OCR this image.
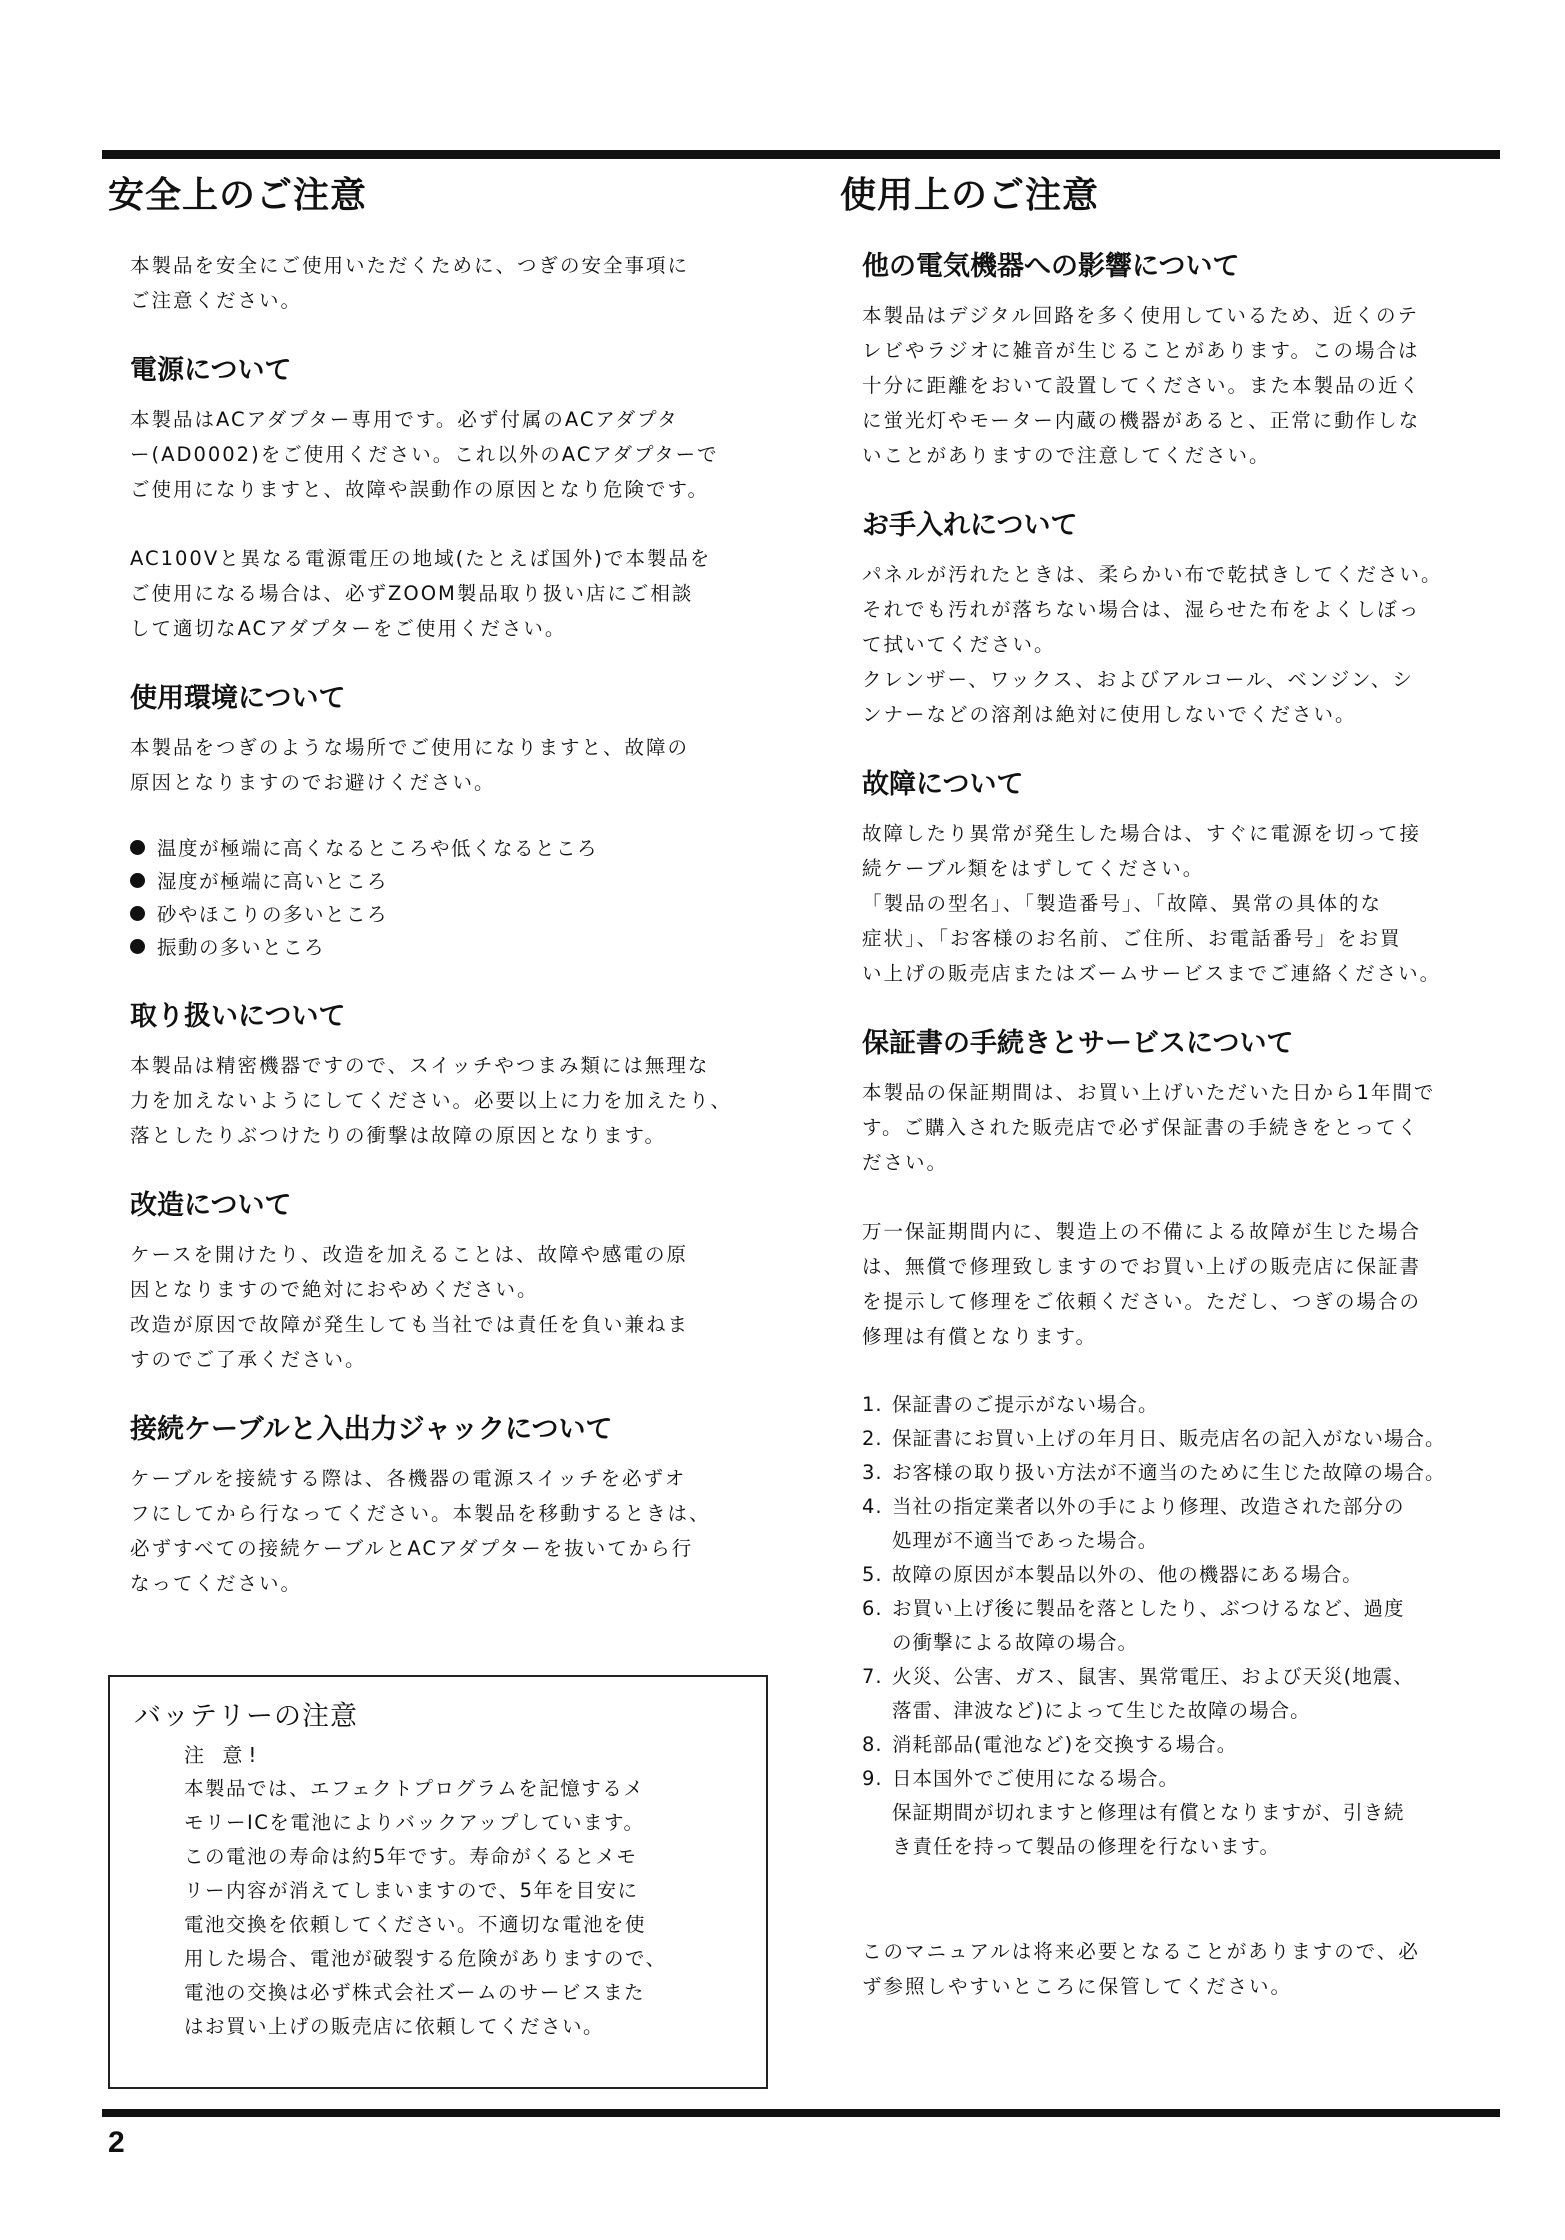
安全上のご注意

本製品を安全にご使用いただくために、つぎの安全事項に
ご注意ください。

電源について

本製品はACアダプター専用です。必ず付属のACアダプタ
ー(AD0002)をご使用ください。これ以外のACアダプターで
ご使用になりますと、故障や誤動作の原因となり危険です。

AC100Vと異なる電源電圧の地域(たとえば国外)で本製品を
ご使用になる場合は、必ずZOOM製品取り扱い店にご相談
して適切なACアダプターをご使用ください。

使用環境について

本製品をつぎのような場所でご使用になりますと、故障の
原因となりますのでお避けください。

温度が極端に高くなるところや低くなるところ
湿度が極端に高いところ
砂やほこりの多いところ
振動の多いところ
取り扱いについて

本製品は精密機器ですので、スイッチやつまみ類には無理な
力を加えないようにしてください。必要以上に力を加えたり、
落としたりぶつけたりの衝撃は故障の原因となります。

改造について

ケースを開けたり、改造を加えることは、故障や感電の原
因となりますので絶対におやめください。
改造が原因で故障が発生しても当社では責任を負い兼ねま
すのでご了承ください。

接続ケーブルと入出力ジャックについて

ケーブルを接続する際は、各機器の電源スイッチを必ずオ
フにしてから行なってください。本製品を移動するときは、
必ずすべての接続ケーブルとACアダプターを抜いてから行
なってください。

バッテリーの注意

注 意!

本製品では、エフェクトプログラムを記憶するメ
モリーICを電池によりバックアップしています。
この電池の寿命は約5年です。寿命がくるとメモ
リー内容が消えてしまいますので、5年を目安に
電池交換を依頼してください。不適切な電池を使
用した場合、電池が破裂する危険がありますので、
電池の交換は必ず株式会社ズームのサービスまた
はお買い上げの販売店に依頼してください。

使用上のご注意
他の電気機器への影響について

本製品はデジタル回路を多く使用しているため、近くのテ
レビやラジオに雑音が生じることがあります。この場合は
十分に距離をおいて設置してください。また本製品の近く
に蛍光灯やモーター内蔵の機器があると、正常に動作しな
いことがありますので注意してください。

お手入れについて

パネルが汚れたときは、柔らかい布で乾拭きしてください。
それでも汚れが落ちない場合は、湿らせた布をよくしぼっ
て拭いてください。
クレンザー、ワックス、およびアルコール、ベンジン、シ
ンナーなどの溶剤は絶対に使用しないでください。

故障について

故障したり異常が発生した場合は、すぐに電源を切って接
続ケーブル類をはずしてください。
「製品の型名」、「製造番号」、「故障、異常の具体的な
症状」、「お客様のお名前、ご住所、お電話番号」をお買
い上げの販売店またはズームサービスまでご連絡ください。

保証書の手続きとサービスについて

本製品の保証期間は、お買い上げいただいた日から1年間で
す。ご購入された販売店で必ず保証書の手続きをとってく
ださい。

万一保証期間内に、製造上の不備による故障が生じた場合
は、無償で修理致しますのでお買い上げの販売店に保証書
を提示して修理をご依頼ください。ただし、つぎの場合の
修理は有償となります。

1. 保証書のご提示がない場合。
2. 保証書にお買い上げの年月日、販売店名の記入がない場合。
3. お客様の取り扱い方法が不適当のために生じた故障の場合。
4. 当社の指定業者以外の手により修理、改造された部分の
処理が不適当であった場合。
5. 故障の原因が本製品以外の、他の機器にある場合。
6. お買い上げ後に製品を落としたり、ぶつけるなど、過度
の衝撃による故障の場合。
7. 火災、公害、ガス、鼠害、異常電圧、および天災(地震、
落雷、津波など)によって生じた故障の場合。
8. 消耗部品(電池など)を交換する場合。
9. 日本国外でご使用になる場合。
保証期間が切れますと修理は有償となりますが、引き続
き責任を持って製品の修理を行ないます。

このマニュアルは将来必要となることがありますので、必
ず参照しやすいところに保管してください。

2
